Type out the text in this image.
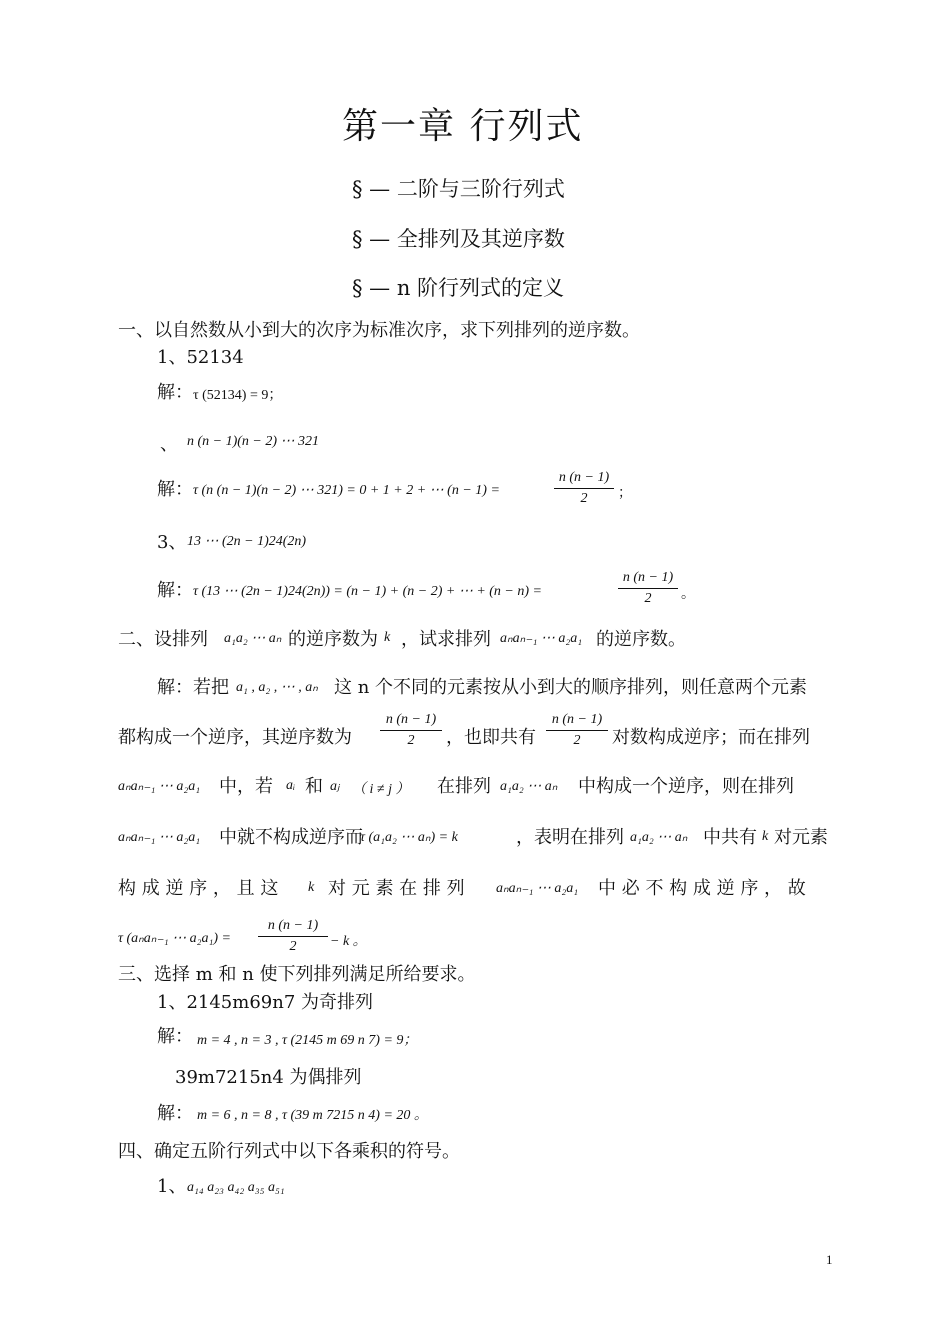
第一章 行列式
§ — 二阶与三阶行列式
§ — 全排列及其逆序数
§ — n 阶行列式的定义
一、以自然数从小到大的次序为标准次序，求下列排列的逆序数。
1、52134
解： τ (52134) = 9；
、 n (n − 1)(n − 2) ⋯ 321
解： τ (n (n − 1)(n − 2) ⋯ 321) = 0 + 1 + 2 + ⋯ (n − 1) =
n (n − 1)
2	；
3、 13 ⋯ (2n − 1)24(2n)
解： τ (13 ⋯ (2n − 1)24(2n)) = (n − 1) + (n − 2) + ⋯ + (n − n) =
n (n − 1)
2	。
二、设排列 a₁a₂ ⋯ aₙ 的逆序数为 k ，试求排列 aₙaₙ₋₁ ⋯ a₂a₁ 的逆序数。
解：若把 a₁ , a₂ , ⋯ , aₙ 这 n 个不同的元素按从小到大的顺序排列，则任意两个元素
都构成一个逆序，其逆序数为
n (n − 1)
2	，也即共有
n (n − 1)
2	对数构成逆序；而在排列
aₙaₙ₋₁ ⋯ a₂a₁ 中，若 aᵢ 和 aⱼ （ i ≠ j ） 在排列 a₁a₂ ⋯ aₙ 中构成一个逆序，则在排列
aₙaₙ₋₁ ⋯ a₂a₁ 中就不构成逆序而
τ (a₁a₂ ⋯ aₙ) = k	，表明在排列 a₁a₂ ⋯ aₙ 中共有 k 对元素
构 成 逆 序 ， 且 这 k 对 元 素 在 排 列 aₙaₙ₋₁ ⋯ a₂a₁ 中 必 不 构 成 逆 序 ， 故
τ (aₙaₙ₋₁ ⋯ a₂a₁) =
n (n − 1)
2	− k 。
三、选择 m 和 n 使下列排列满足所给要求。
1、2145m69n7 为奇排列
解： m = 4 , n = 3 , τ (2145 m 69 n 7) = 9；
39m7215n4 为偶排列
解： m = 6 , n = 8 , τ (39 m 7215 n 4) = 20 。
四、确定五阶行列式中以下各乘积的符号。
1、 a₁₄ a₂₃ a₄₂ a₃₅ a₅₁
1
